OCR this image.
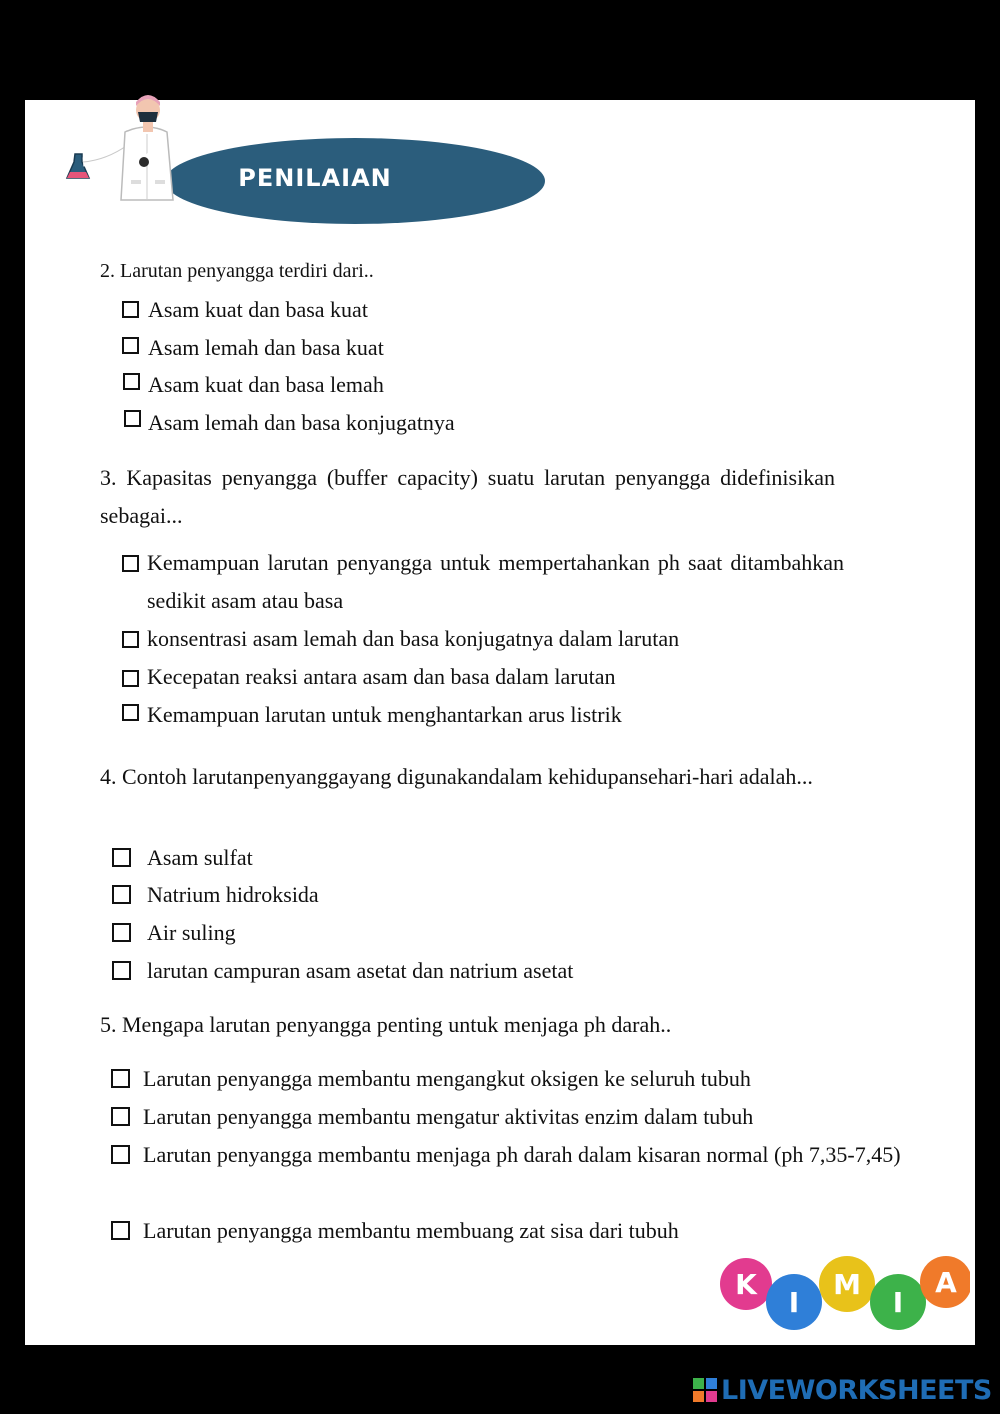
PENILAIAN

2. Larutan penyangga terdiri dari..

Asam kuat dan basa kuat
Asam lemah dan basa kuat
Asam kuat dan basa lemah
Asam lemah dan basa konjugatnya

3. Kapasitas penyangga (buffer capacity) suatu larutan penyangga didefinisikan sebagai...

Kemampuan larutan penyangga untuk mempertahankan ph saat ditambahkan sedikit asam atau basa
konsentrasi asam lemah dan basa konjugatnya dalam larutan
Kecepatan reaksi antara asam dan basa dalam larutan
Kemampuan larutan untuk menghantarkan arus listrik

4. Contoh larutanpenyanggayang digunakandalam kehidupansehari-hari adalah...

Asam sulfat
Natrium hidroksida
Air suling
larutan campuran asam asetat dan natrium asetat

5. Mengapa larutan penyangga penting untuk menjaga ph darah..

Larutan penyangga membantu mengangkut oksigen ke seluruh tubuh
Larutan penyangga membantu mengatur aktivitas enzim dalam tubuh
Larutan penyangga membantu menjaga ph darah dalam kisaran normal (ph 7,35-7,45)
Larutan penyangga membantu membuang zat sisa dari tubuh
K
I
M
I
A
LIVEWORKSHEETS
